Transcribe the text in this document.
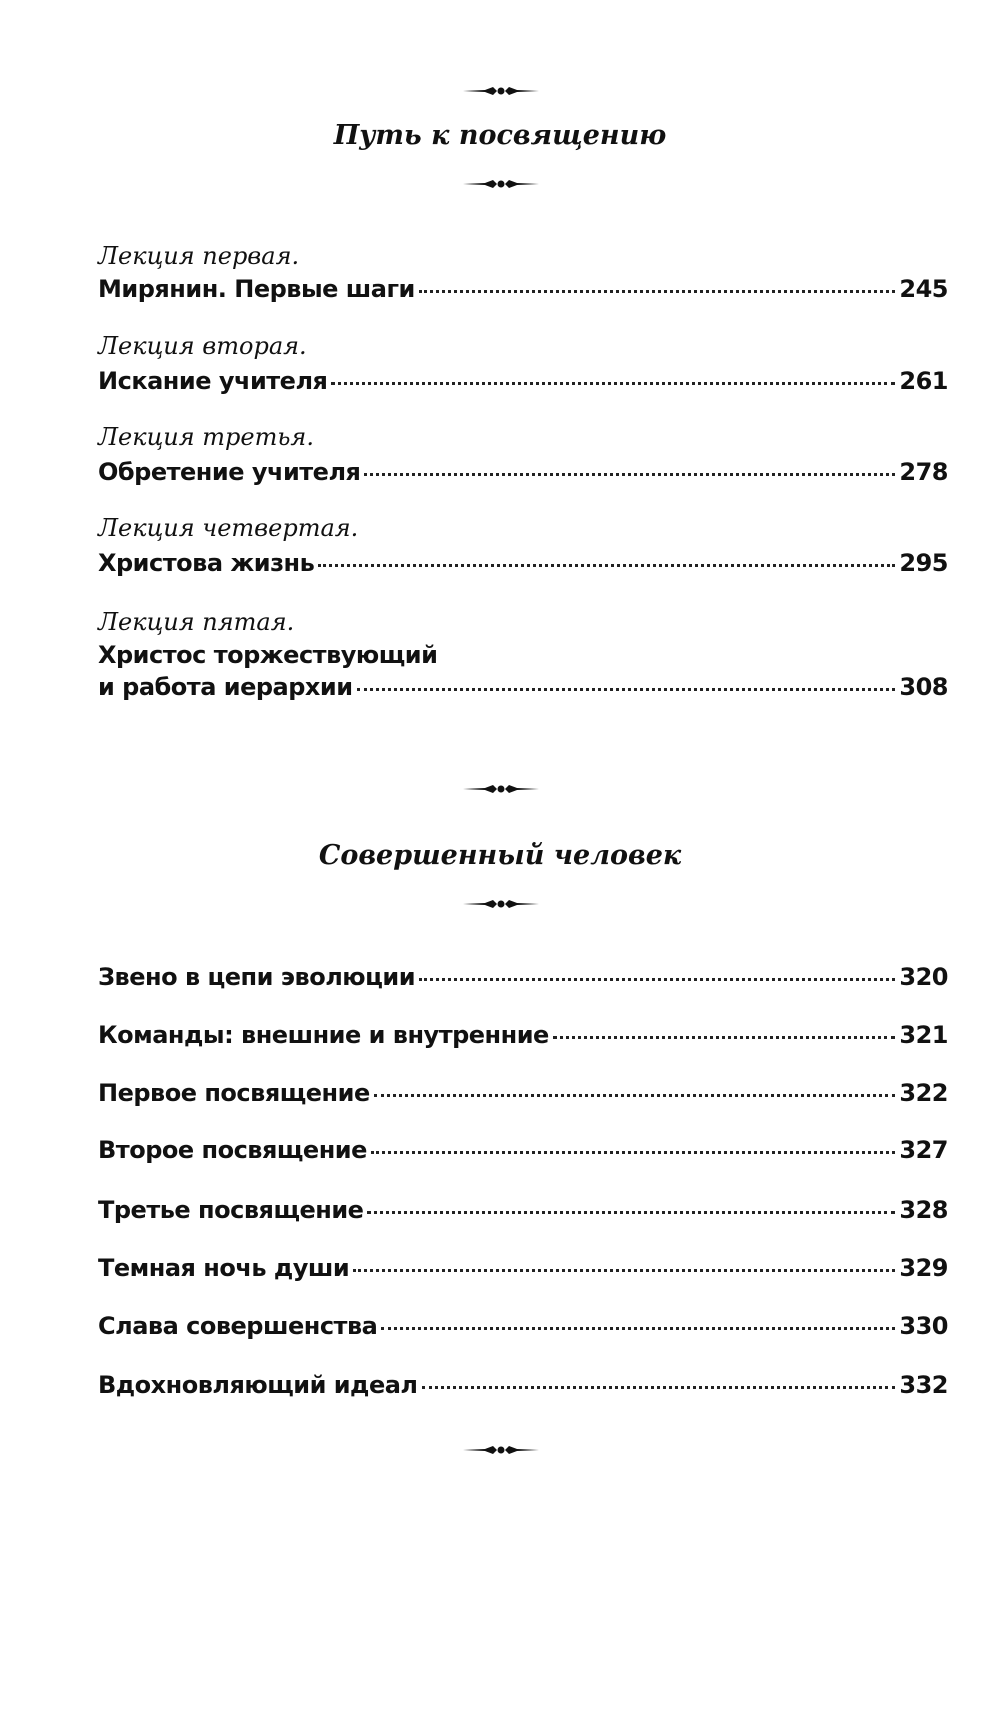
Путь к посвящению
Лекция первая.
Мирянин. Первые шаги	245
Лекция вторая.
Искание учителя	261
Лекция третья.
Обретение учителя	278
Лекция четвертая.
Христова жизнь	295
Лекция пятая.
Христос торжествующий
и работа иерархии	308
Совершенный человек
Звено в цепи эволюции	320
Команды: внешние и внутренние	321
Первое посвящение	322
Второе посвящение	327
Третье посвящение	328
Темная ночь души	329
Слава совершенства	330
Вдохновляющий идеал	332
